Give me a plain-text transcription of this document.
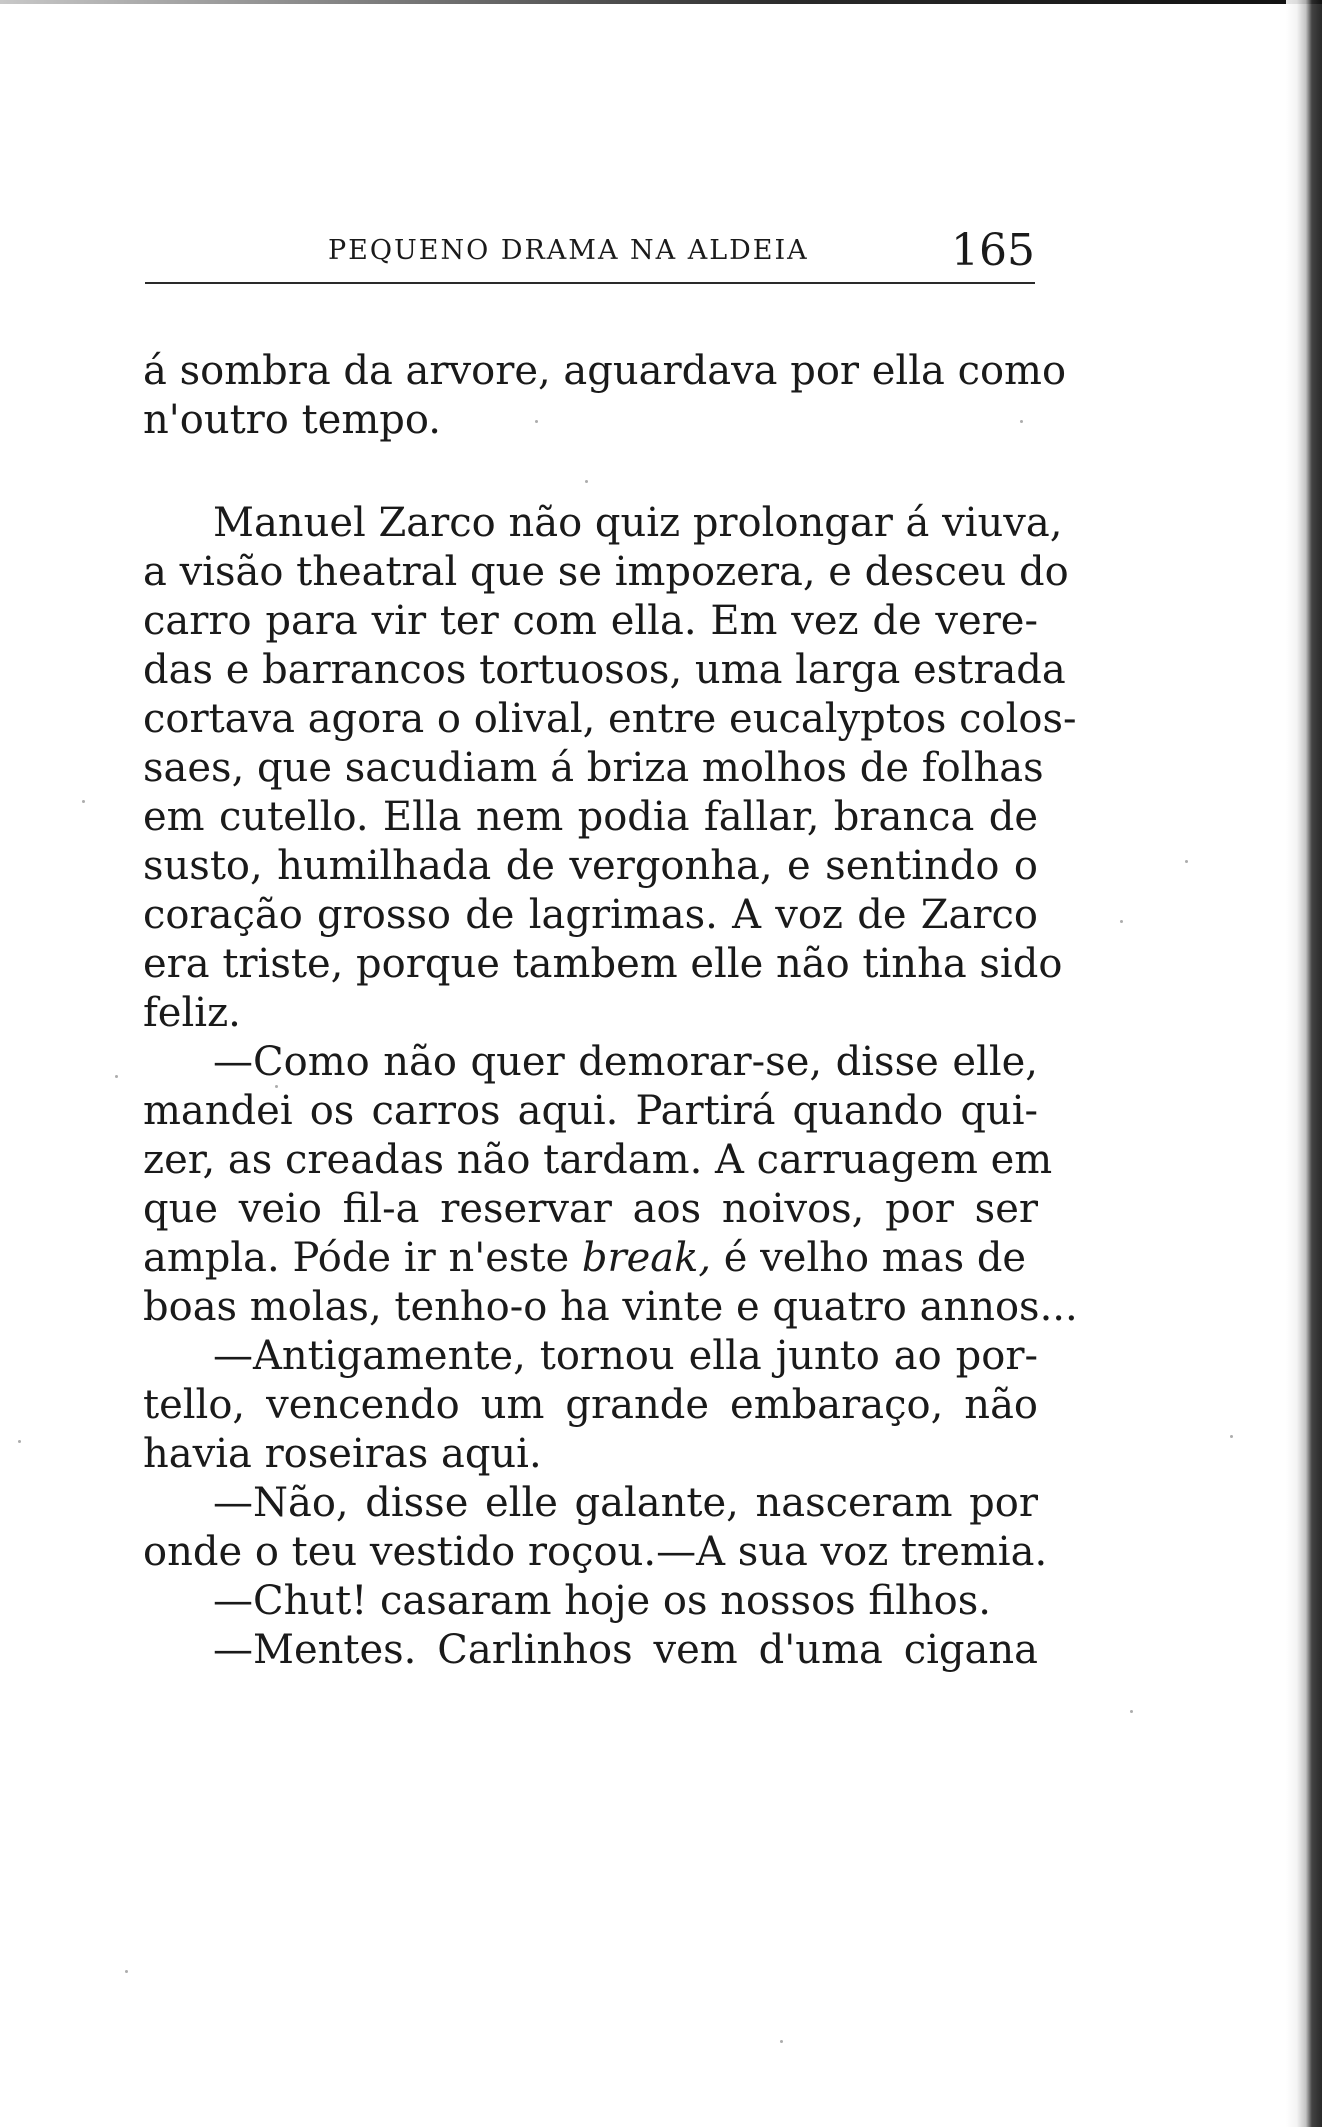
PEQUENO DRAMA NA ALDEIA	165
á sombra da arvore, aguardava por ella como
n'outro tempo.
Manuel Zarco não quiz prolongar á viuva,
a visão theatral que se impozera, e desceu do
carro para vir ter com ella. Em vez de vere-
das e barrancos tortuosos, uma larga estrada
cortava agora o olival, entre eucalyptos colos-
saes, que sacudiam á briza molhos de folhas
em cutello. Ella nem podia fallar, branca de
susto, humilhada de vergonha, e sentindo o
coração grosso de lagrimas. A voz de Zarco
era triste, porque tambem elle não tinha sido
feliz.
—Como não quer demorar-se, disse elle,
mandei os carros aqui. Partirá quando qui-
zer, as creadas não tardam. A carruagem em
que veio fil-a reservar aos noivos, por ser
ampla. Póde ir n'este break, é velho mas de
boas molas, tenho-o ha vinte e quatro annos...
—Antigamente, tornou ella junto ao por-
tello, vencendo um grande embaraço, não
havia roseiras aqui.
—Não, disse elle galante, nasceram por
onde o teu vestido roçou.—A sua voz tremia.
—Chut! casaram hoje os nossos filhos.
—Mentes. Carlinhos vem d'uma cigana
